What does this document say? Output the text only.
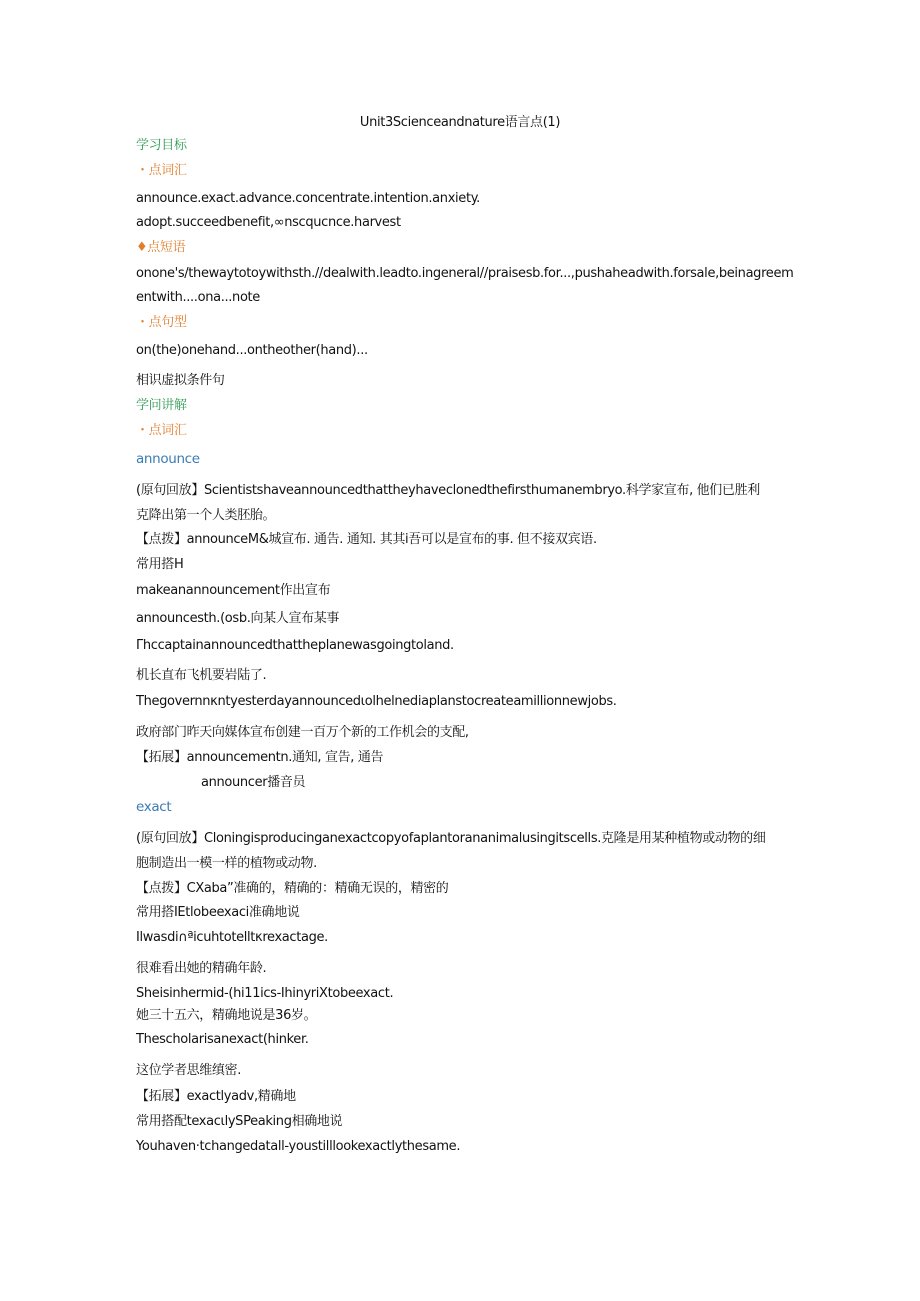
Unit3Scienceandnature语言点(1)
学习目标
・点词汇
announce.exact.advance.concentrate.intention.anxiety.
adopt.succeedbenefit,∞nscqucnce.harvest
♦点短语
onone's/thewaytotoywithsth.//dealwith.leadto.ingeneral//praisesb.for...,pushaheadwith.forsale,beinagreem
entwith....ona...note
・点句型
on(the)onehand...ontheother(hand)...
相识虚拟条件句
学问讲解
・点词汇
announce
(原句回放】Scientistshaveannouncedthattheyhaveclonedthefirsthumanembryo.科学家宣布, 他们已胜利
克降出第一个人类胚胎。
【点拨】announceM&城宣布. 通告. 通知. 其其i吾可以是宣布的事. 但不接双宾语.
常用搭H
makeanannouncement作出宣布
announcesth.(osb.向某人宣布某事
Γhccaptainannouncedthattheplanewasgoingtoland.
机长直布飞机要岩陆了.
Thegovernnκntyesterdayannouncedιolhelnediaplanstocreateamillionnewjobs.
政府部门昨天向媒体宣布创建一百万个新的工作机会的支配,
【拓展】announcementn.通知, 宣告, 通告
announcer播音员
exact
(原句回放】Cloningisproducinganexactcopyofaplantorananimalusingitscells.克隆是用某种植物或动物的细
胞制造出一模一样的植物或动物.
【点拨】CXaba”准确的，精确的：精确无误的，精密的
常用搭IEtlobeexaci准确地说
Ilwasdi∩ªicuhtotelltκrexactage.
很难看出她的精确年龄.
Sheisinhermid-(hi11ics-IhinyriXtobeexact.
她三十五六，精确地说是36岁。
Thescholarisanexact(hinker.
这位学者思维缜密.
【拓展】exactlyadv,精确地
常用搭配texacιlySPeaking相确地说
Youhaven·tchangedatall-youstilllookexactlythesame.
